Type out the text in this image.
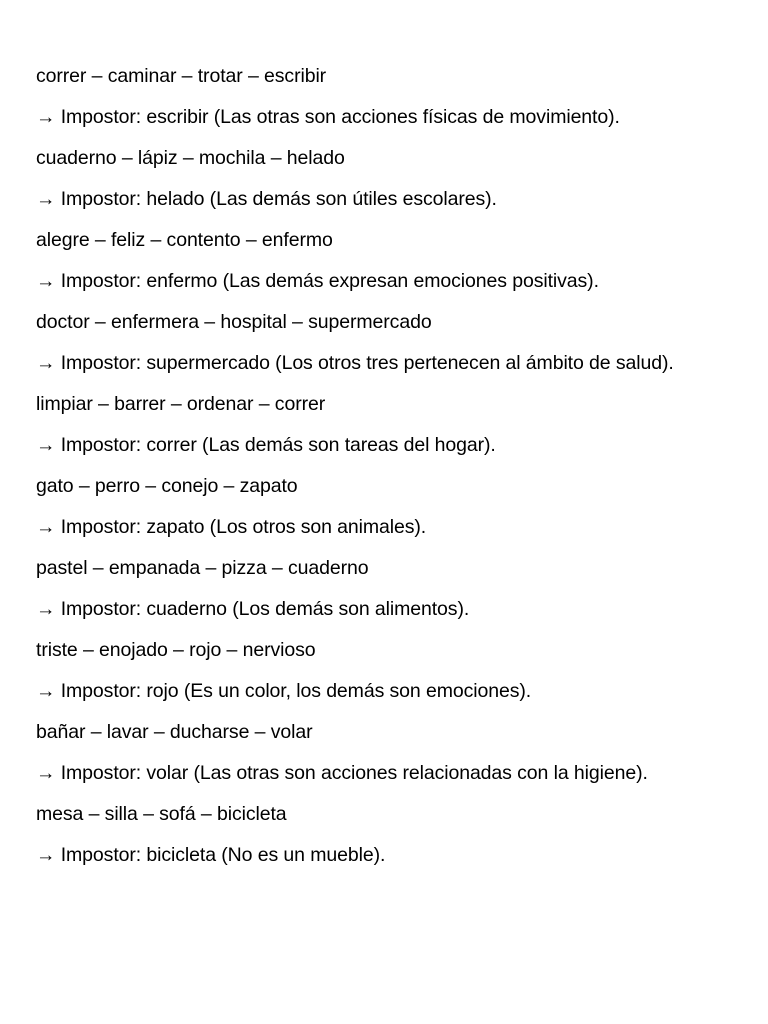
correr – caminar – trotar – escribir
→ Impostor: escribir (Las otras son acciones físicas de movimiento).
cuaderno – lápiz – mochila – helado
→ Impostor: helado (Las demás son útiles escolares).
alegre – feliz – contento – enfermo
→ Impostor: enfermo (Las demás expresan emociones positivas).
doctor – enfermera – hospital – supermercado
→ Impostor: supermercado (Los otros tres pertenecen al ámbito de salud).
limpiar – barrer – ordenar – correr
→ Impostor: correr (Las demás son tareas del hogar).
gato – perro – conejo – zapato
→ Impostor: zapato (Los otros son animales).
pastel – empanada – pizza – cuaderno
→ Impostor: cuaderno (Los demás son alimentos).
triste – enojado – rojo – nervioso
→ Impostor: rojo (Es un color, los demás son emociones).
bañar – lavar – ducharse – volar
→ Impostor: volar (Las otras son acciones relacionadas con la higiene).
mesa – silla – sofá – bicicleta
→ Impostor: bicicleta (No es un mueble).
